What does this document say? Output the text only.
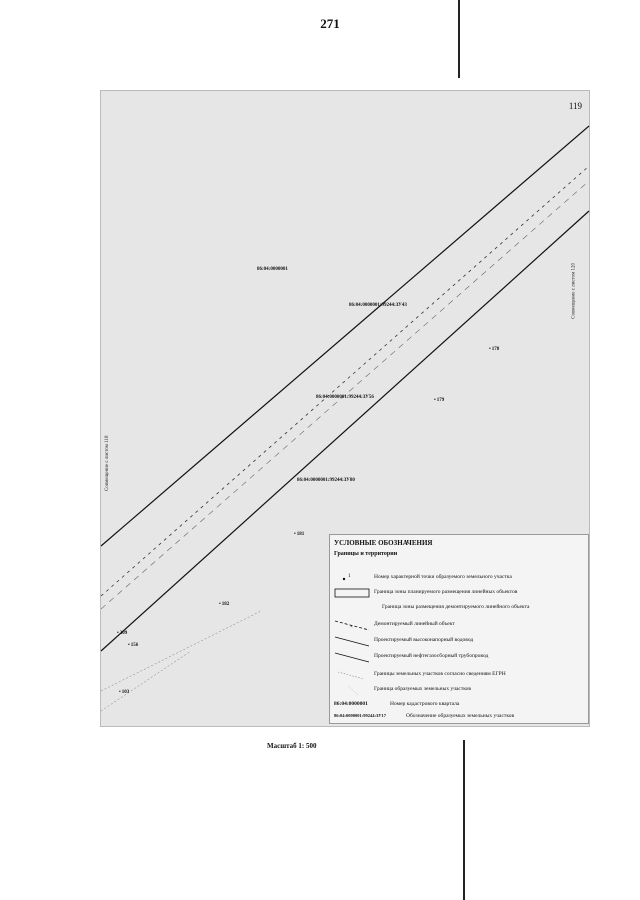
271
119
Совмещение с листом 120
Совмещение с листом 118
86:04:0000001
86:04:0000001:99244:ЗУ43
86:04:0000001:99244:ЗУ56
86:04:0000001:99244:ЗУ80
• 178
• 179
• 181
• 182
• 209
• 156
• 103
УСЛОВНЫЕ ОБОЗНАЧЕНИЯ
Границы и территории
1	Номер характерной точки образуемого земельного участка
Граница зоны планируемого размещения линейных объектов
Граница зоны размещения демонтируемого линейного объекта
×
Демонтируемый линейный объект
Проектируемый высоконапорный водовод
Проектируемый нефтегазосборный трубопровод
Границы земельных участков согласно сведениям ЕГРН
Граница образуемых земельных участков
86:04:0000001	Номер кадастрового квартала
86:04:0000001:99244:ЗУ17	Обозначение образуемых земельных участков
Масштаб 1: 500
